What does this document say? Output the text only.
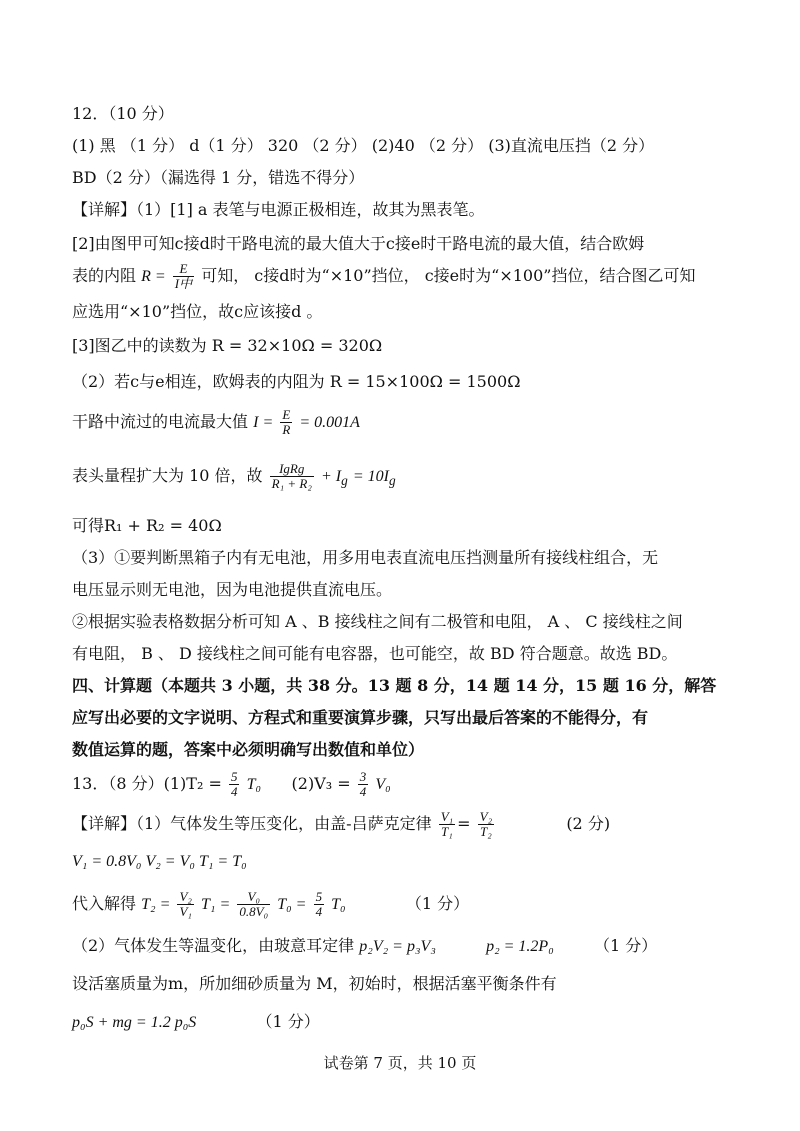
12．（10 分）
(1) 黑 （1 分） d（1 分） 320 （2 分） (2)40 （2 分） (3)直流电压挡（2 分）
BD（2 分）（漏选得 1 分，错选不得分）
【详解】（1）[1] a 表笔与电源正极相连，故其为黑表笔。
[2]由图甲可知c接d时干路电流的最大值大于c接e时干路电流的最大值，结合欧姆
表的内阻 $R = \frac{E}{\text{I中}}$ 可知， c接d时为“×10”挡位， c接e时为“×100”挡位，结合图乙可知
应选用“×10”挡位，故c应该接d 。
[3]图乙中的读数为 R = 32×10Ω = 320Ω
（2）若c与e相连，欧姆表的内阻为 R = 15×100Ω = 1500Ω
干路中流过的电流最大值 $I = \frac{E}{R} = 0.001A$
表头量程扩大为 10 倍，故 $\frac{\text{IgRg}}{\text{R₁ + R₂}} + I_g = 10I_g$
可得R₁ + R₂ = 40Ω
（3）①要判断黑箱子内有无电池，用多用电表直流电压挡测量所有接线柱组合，无
电压显示则无电池，因为电池提供直流电压。
②根据实验表格数据分析可知 A 、B 接线柱之间有二极管和电阻， A 、 C 接线柱之间
有电阻， B 、 D 接线柱之间可能有电容器，也可能空，故 BD 符合题意。故选 BD。
四、计算题（本题共 3 小题，共 38 分。13 题 8 分，14 题 14 分，15 题 16 分，解答
应写出必要的文字说明、方程式和重要演算步骤，只写出最后答案的不能得分，有
数值运算的题，答案中必须明确写出数值和单位）
13．（8 分）$(1)T_2 = \frac{5}{4} T_0$ $(2)V_3 = \frac{3}{4} V_0$
【详解】（1）气体发生等压变化，由盖-吕萨克定律 $\frac{\text{V₁}}{\text{T₁}} = \frac{\text{V₂}}{\text{T₂}}$	(2 分)
V₁ = 0.8V₀ V₂ = V₀ T₁ = T₀
代入解得 $T_2 = \frac{\text{V₂}}{\text{V₁}} T_1 = \frac{\text{V₀}}{\text{0.8V₀}} T_0 = \frac{5}{4} T_0$	（1 分）
（2）气体发生等温变化，由玻意耳定律 p₂V₂ = p₃V₃	p₂ = 1.2P₀	（1 分）
设活塞质量为m，所加细砂质量为 M，初始时，根据活塞平衡条件有
p₀S + mg = 1.2 p₀S	（1 分）
试卷第 7 页，共 10 页
